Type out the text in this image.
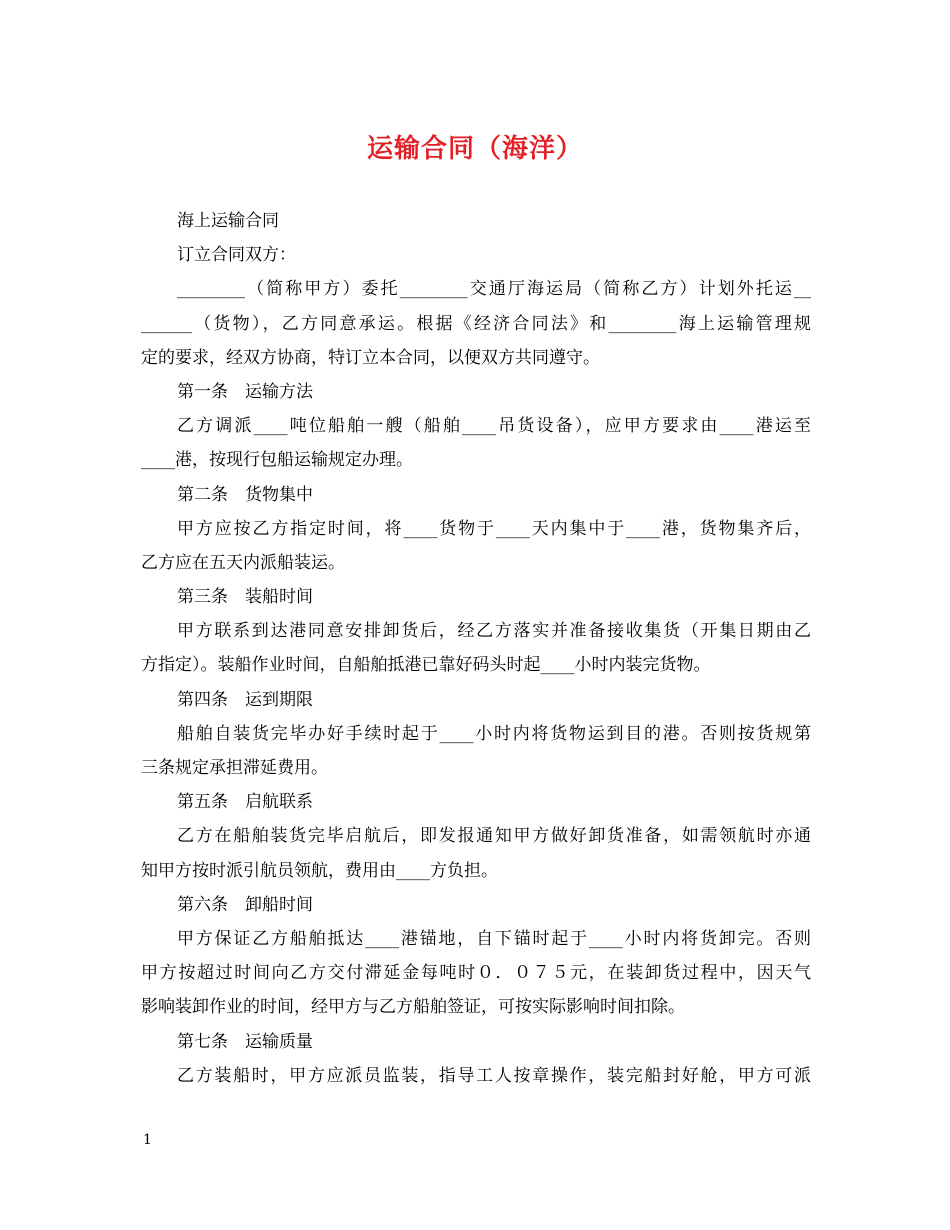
运输合同（海洋）

海上运输合同

订立合同双方：

________（简称甲方）委托________交通厅海运局（简称乙方）计划外托运__

______（货物），乙方同意承运。根据《经济合同法》和________海上运输管理规

定的要求，经双方协商，特订立本合同，以便双方共同遵守。

第一条　运输方法

乙方调派____吨位船舶一艘（船舶____吊货设备），应甲方要求由____港运至

____港，按现行包船运输规定办理。

第二条　货物集中

甲方应按乙方指定时间，将____货物于____天内集中于____港，货物集齐后，

乙方应在五天内派船装运。

第三条　装船时间

甲方联系到达港同意安排卸货后，经乙方落实并准备接收集货（开集日期由乙

方指定）。装船作业时间，自船舶抵港已靠好码头时起____小时内装完货物。

第四条　运到期限

船舶自装货完毕办好手续时起于____小时内将货物运到目的港。否则按货规第

三条规定承担滞延费用。

第五条　启航联系

乙方在船舶装货完毕启航后，即发报通知甲方做好卸货准备，如需领航时亦通

知甲方按时派引航员领航，费用由____方负担。

第六条　卸船时间

甲方保证乙方船舶抵达____港锚地，自下锚时起于____小时内将货卸完。否则

甲方按超过时间向乙方交付滞延金每吨时０．０７５元，在装卸货过程中，因天气

影响装卸作业的时间，经甲方与乙方船舶签证，可按实际影响时间扣除。

第七条　运输质量

乙方装船时，甲方应派员监装，指导工人按章操作，装完船封好舱，甲方可派

1
